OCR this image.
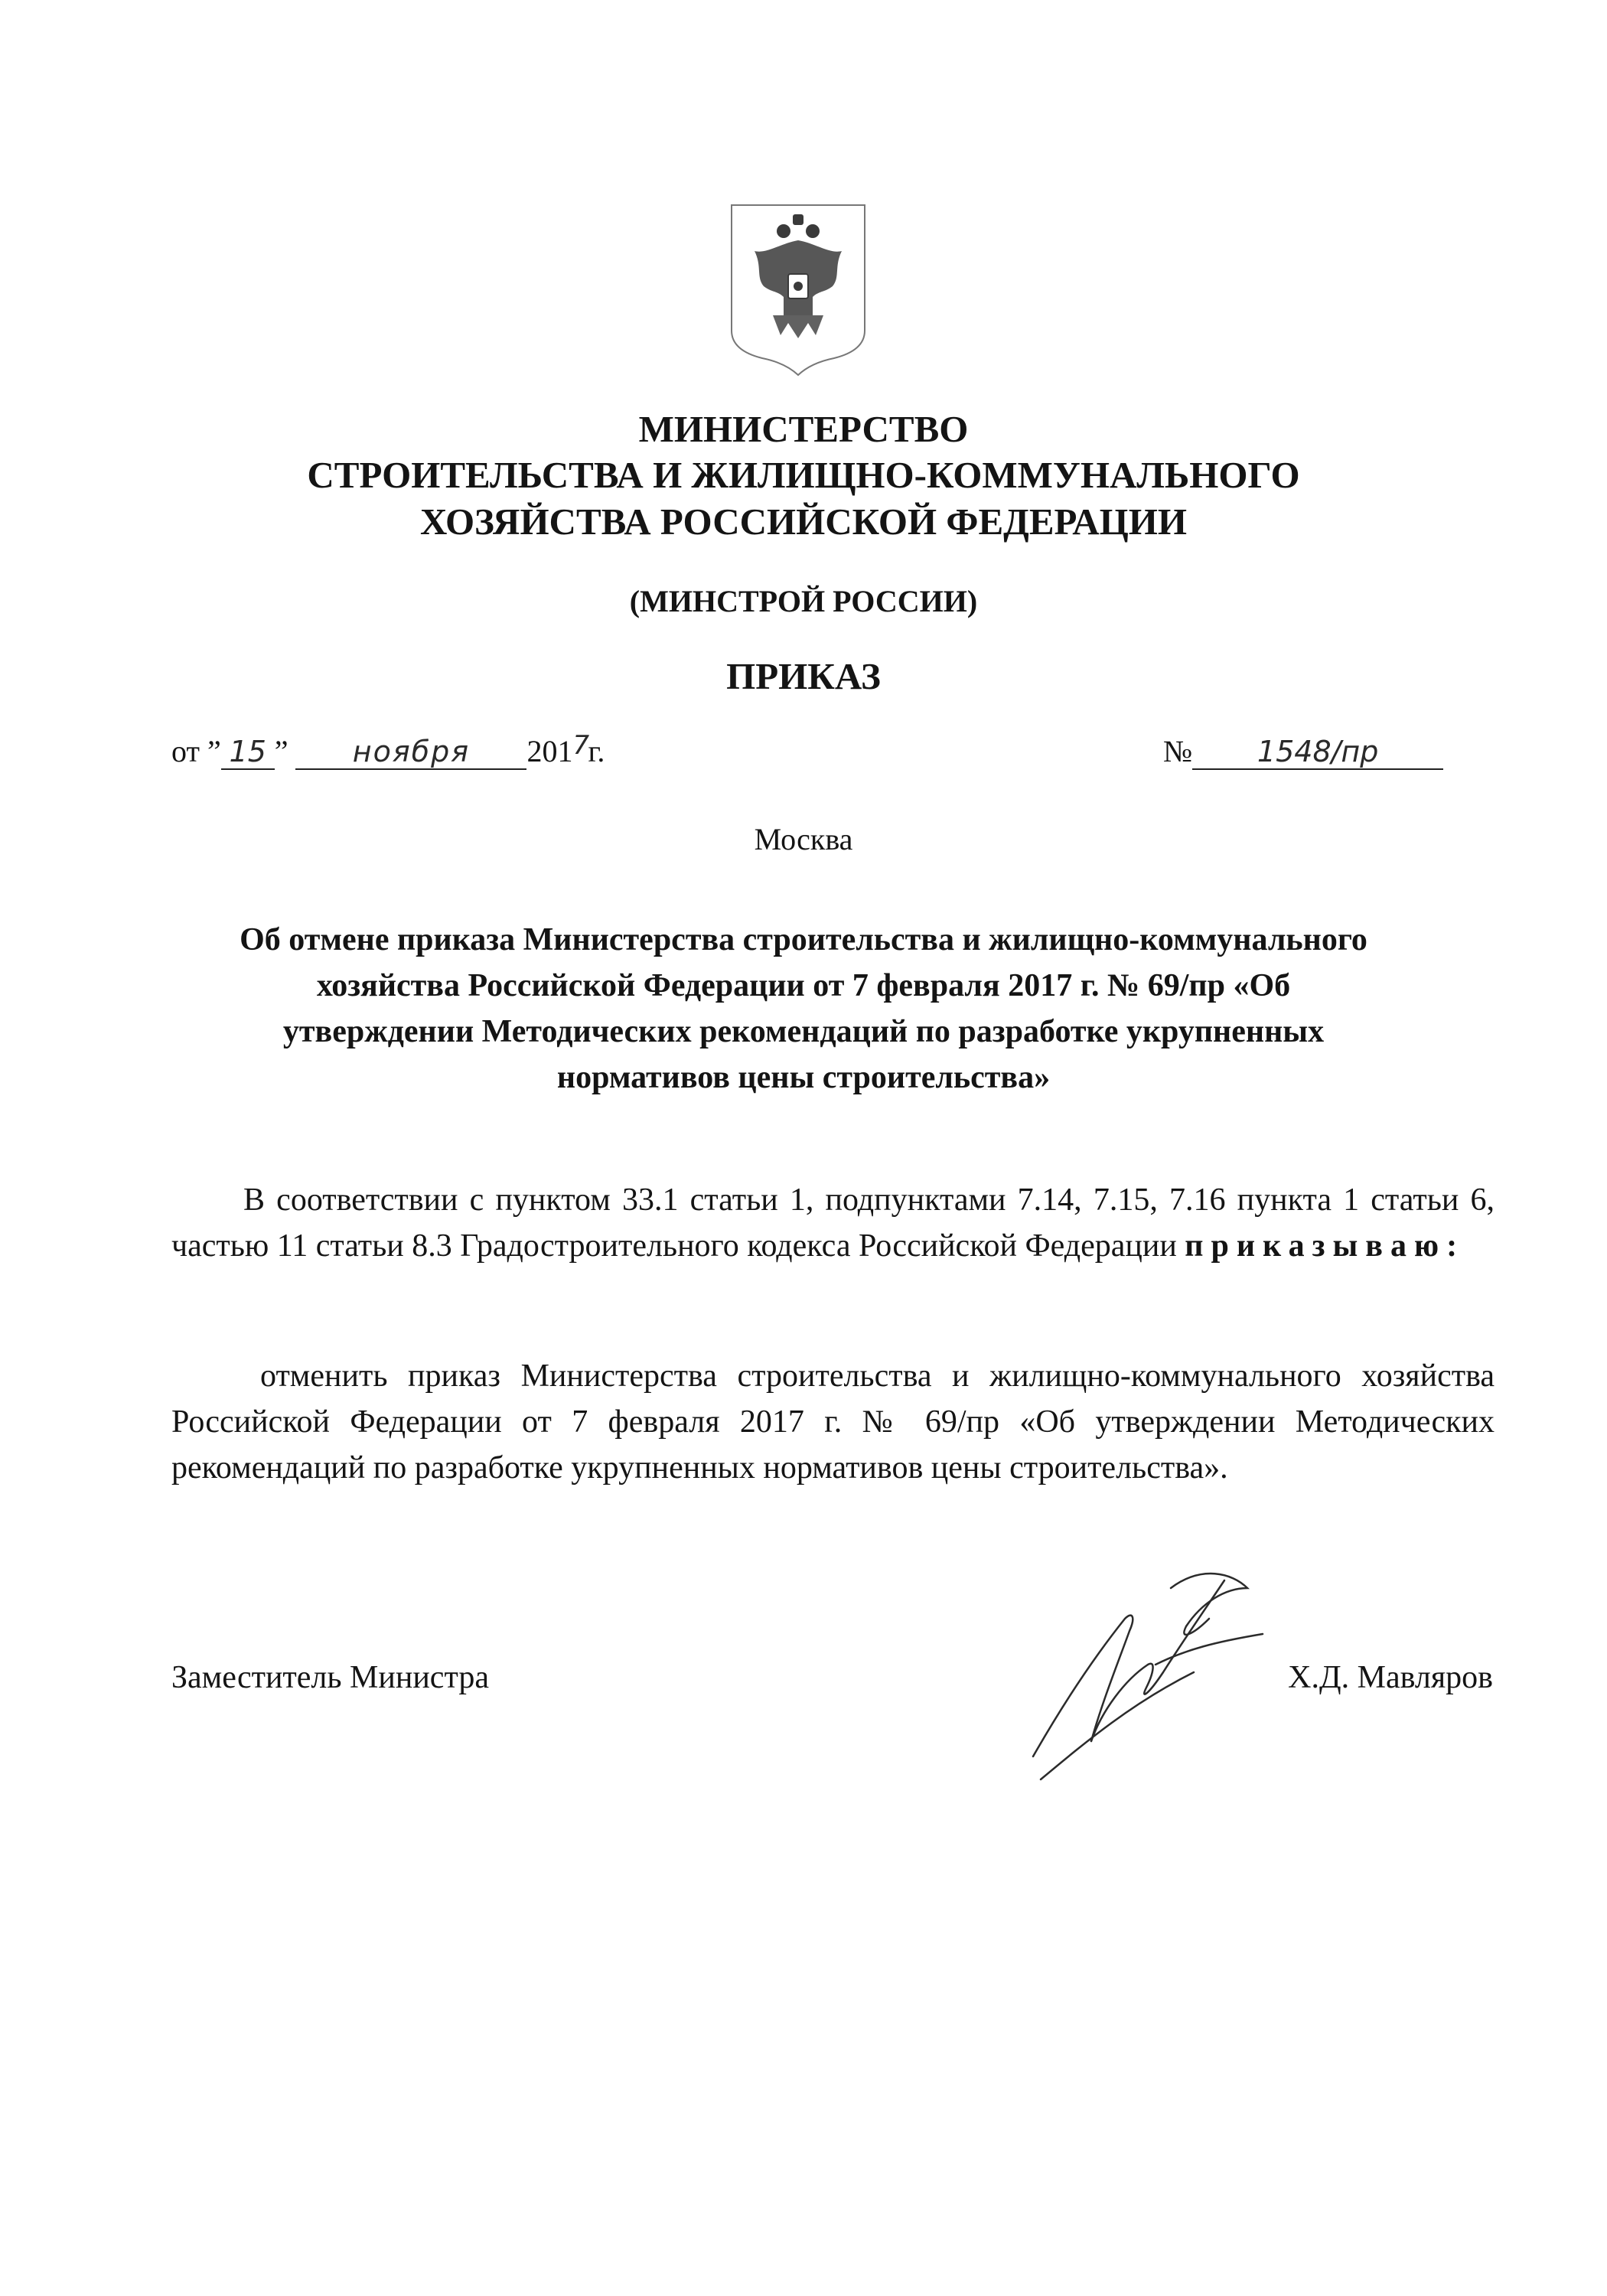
МИНИСТЕРСТВО
СТРОИТЕЛЬСТВА И ЖИЛИЩНО-КОММУНАЛЬНОГО
ХОЗЯЙСТВА РОССИЙСКОЙ ФЕДЕРАЦИИ
(МИНСТРОЙ РОССИИ)
ПРИКАЗ
от ” 15 ” ноября 2017г.	№ 1548/пр
Москва
Об отмене приказа Министерства строительства и жилищно-коммунального хозяйства Российской Федерации от 7 февраля 2017 г. № 69/пр «Об утверждении Методических рекомендаций по разработке укрупненных нормативов цены строительства»
В соответствии с пунктом 33.1 статьи 1, подпунктами 7.14, 7.15, 7.16 пункта 1 статьи 6, частью 11 статьи 8.3 Градостроительного кодекса Российской Федерации приказываю:
отменить приказ Министерства строительства и жилищно-коммунального хозяйства Российской Федерации от 7 февраля 2017 г. № 69/пр «Об утверждении Методических рекомендаций по разработке укрупненных нормативов цены строительства».
Заместитель Министра	Х.Д. Мавляров
